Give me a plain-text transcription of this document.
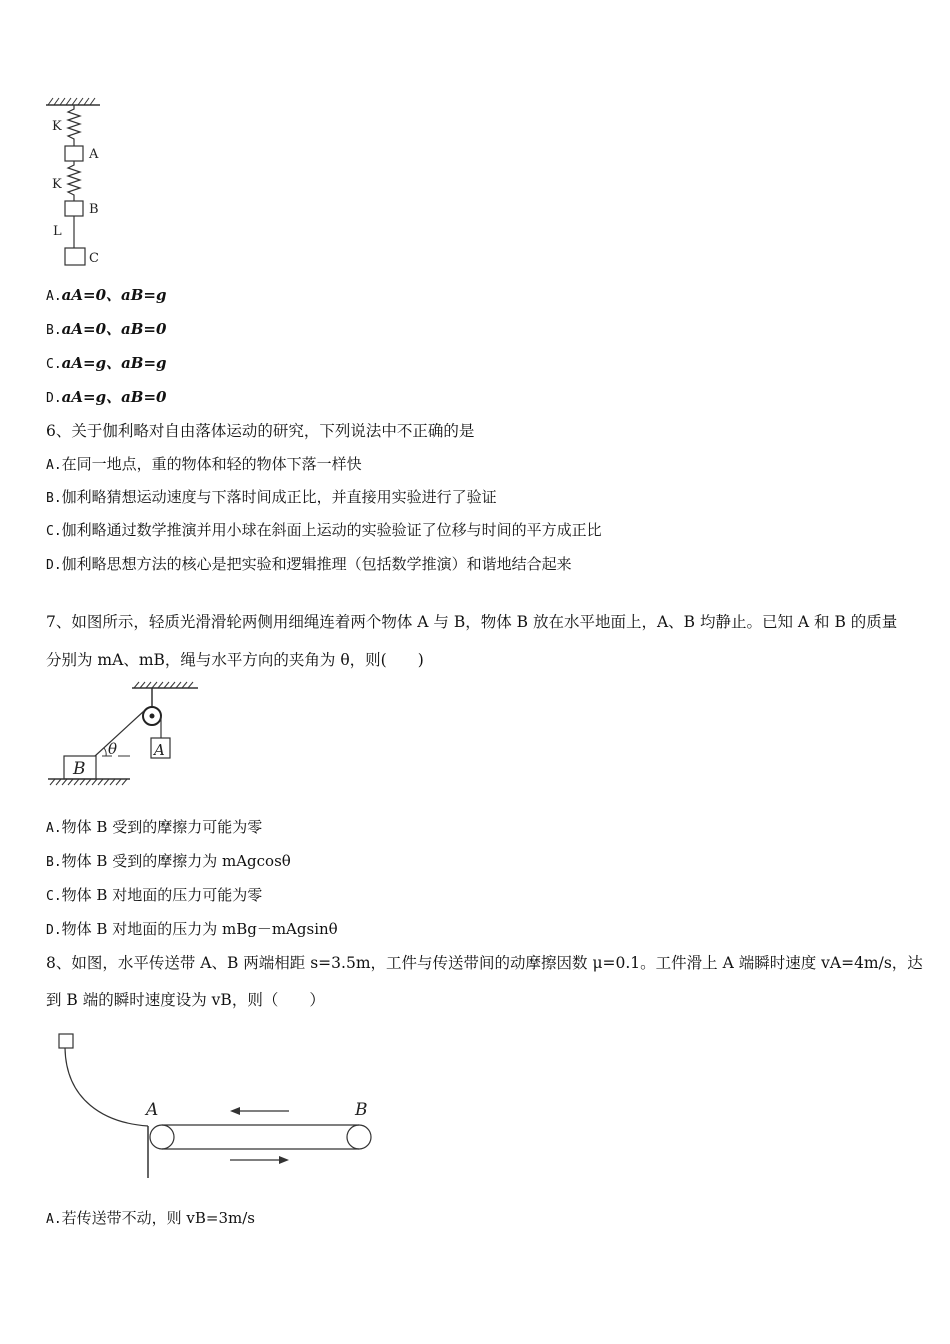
K
A
K
B
L
C
A.aA=0、aB=g
B.aA=0、aB=0
C.aA=g、aB=g
D.aA=g、aB=0
6、关于伽利略对自由落体运动的研究，下列说法中不正确的是
A.在同一地点，重的物体和轻的物体下落一样快
B.伽利略猜想运动速度与下落时间成正比，并直接用实验进行了验证
C.伽利略通过数学推演并用小球在斜面上运动的实验验证了位移与时间的平方成正比
D.伽利略思想方法的核心是把实验和逻辑推理（包括数学推演）和谐地结合起来
7、如图所示，轻质光滑滑轮两侧用细绳连着两个物体 A 与 B，物体 B 放在水平地面上，A、B 均静止。已知 A 和 B 的质量
分别为 mA、mB，绳与水平方向的夹角为 θ，则(　　)
θ A
B
A.物体 B 受到的摩擦力可能为零
B.物体 B 受到的摩擦力为 mAgcosθ
C.物体 B 对地面的压力可能为零
D.物体 B 对地面的压力为 mBg－mAgsinθ
8、如图，水平传送带 A、B 两端相距 s=3.5m，工件与传送带间的动摩擦因数 μ=0.1。工件滑上 A 端瞬时速度 vA=4m/s，达
到 B 端的瞬时速度设为 vB，则（　　）
A	B
A.若传送带不动，则 vB=3m/s
